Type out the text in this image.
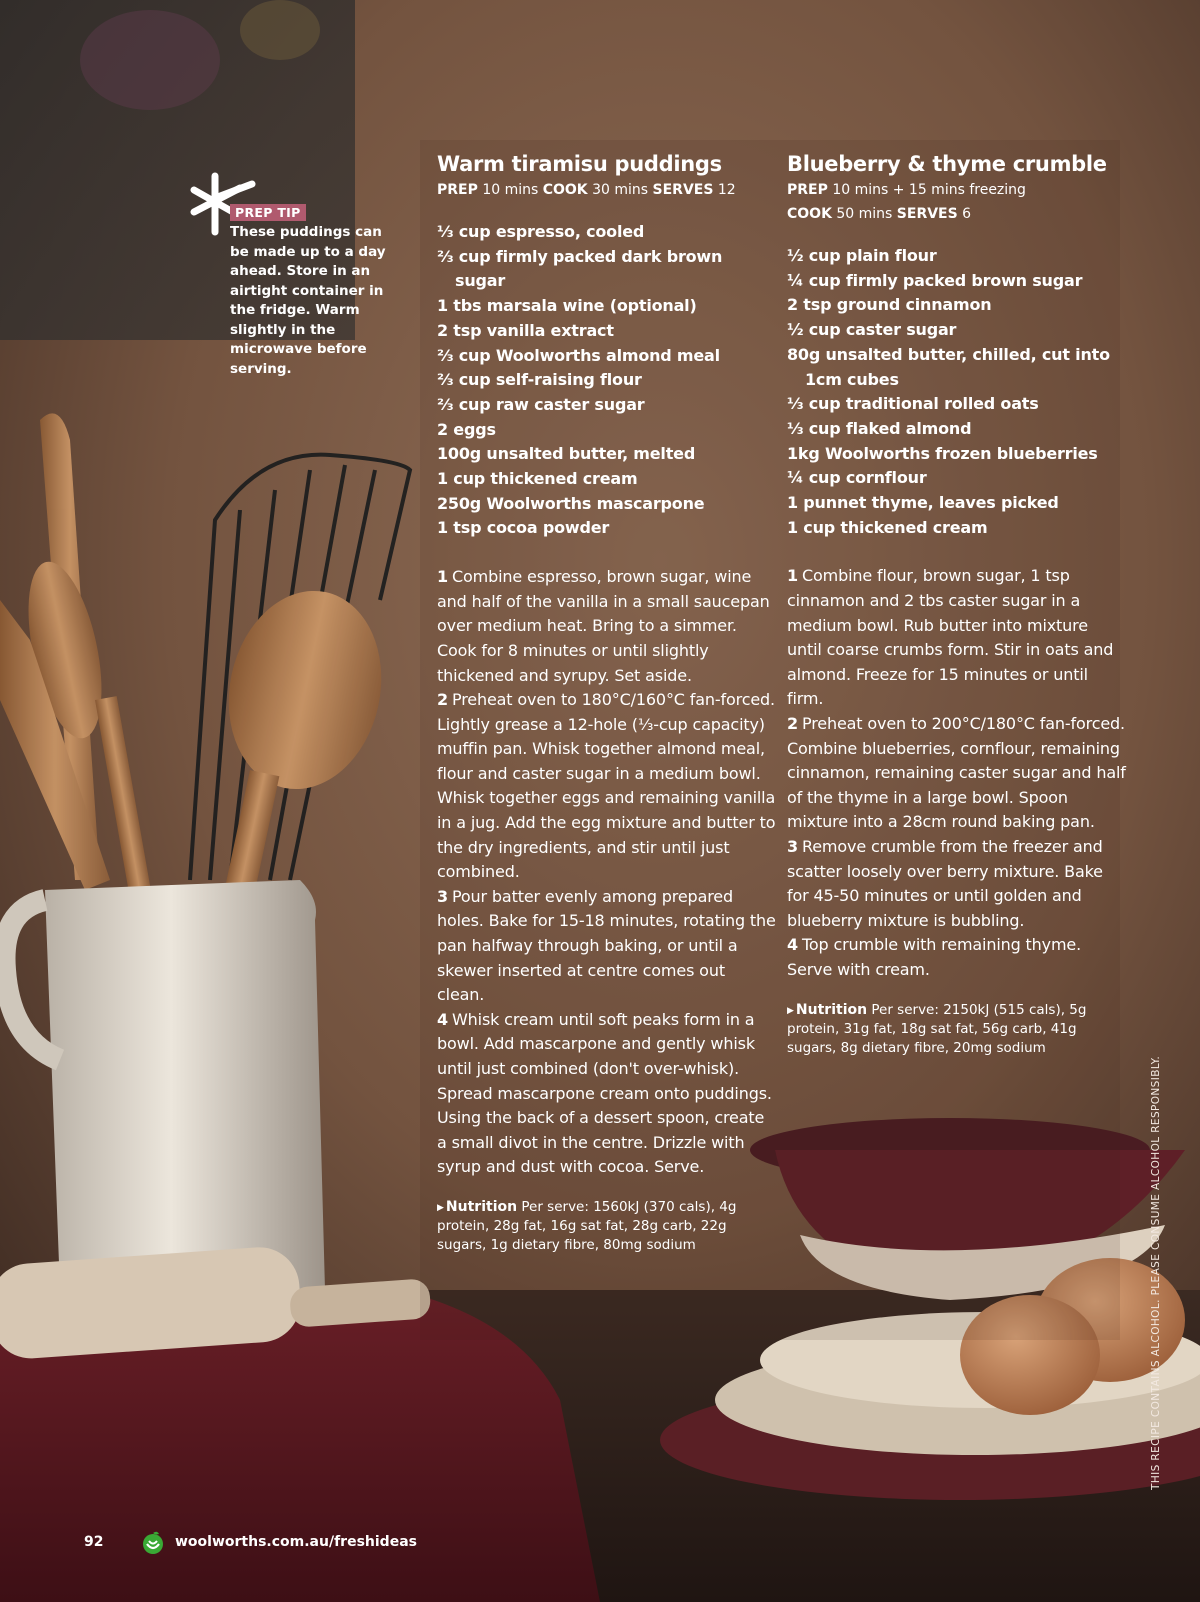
PREP TIP
These puddings can be made up to a day ahead. Store in an airtight container in the fridge. Warm slightly in the microwave before serving.
Warm tiramisu puddings

PREP 10 mins COOK 30 mins SERVES 12

⅓ cup espresso, cooled
⅔ cup firmly packed dark brown sugar
1 tbs marsala wine (optional)
2 tsp vanilla extract
⅔ cup Woolworths almond meal
⅔ cup self-raising flour
⅔ cup raw caster sugar
2 eggs
100g unsalted butter, melted
1 cup thickened cream
250g Woolworths mascarpone
1 tsp cocoa powder
1 Combine espresso, brown sugar, wine and half of the vanilla in a small saucepan over medium heat. Bring to a simmer. Cook for 8 minutes or until slightly thickened and syrupy. Set aside.
2 Preheat oven to 180°C/160°C fan-forced. Lightly grease a 12-hole (⅓-cup capacity) muffin pan. Whisk together almond meal, flour and caster sugar in a medium bowl. Whisk together eggs and remaining vanilla in a jug. Add the egg mixture and butter to the dry ingredients, and stir until just combined.
3 Pour batter evenly among prepared holes. Bake for 15-18 minutes, rotating the pan halfway through baking, or until a skewer inserted at centre comes out clean.
4 Whisk cream until soft peaks form in a bowl. Add mascarpone and gently whisk until just combined (don't over-whisk). Spread mascarpone cream onto puddings. Using the back of a dessert spoon, create a small divot in the centre. Drizzle with syrup and dust with cocoa. Serve.
▶ Nutrition Per serve: 1560kJ (370 cals), 4g protein, 28g fat, 16g sat fat, 28g carb, 22g sugars, 1g dietary fibre, 80mg sodium
Blueberry & thyme crumble

PREP 10 mins + 15 mins freezing

COOK 50 mins SERVES 6

½ cup plain flour
¼ cup firmly packed brown sugar
2 tsp ground cinnamon
½ cup caster sugar
80g unsalted butter, chilled, cut into 1cm cubes
⅓ cup traditional rolled oats
⅓ cup flaked almond
1kg Woolworths frozen blueberries
¼ cup cornflour
1 punnet thyme, leaves picked
1 cup thickened cream
1 Combine flour, brown sugar, 1 tsp cinnamon and 2 tbs caster sugar in a medium bowl. Rub butter into mixture until coarse crumbs form. Stir in oats and almond. Freeze for 15 minutes or until firm.
2 Preheat oven to 200°C/180°C fan-forced. Combine blueberries, cornflour, remaining cinnamon, remaining caster sugar and half of the thyme in a large bowl. Spoon mixture into a 28cm round baking pan.
3 Remove crumble from the freezer and scatter loosely over berry mixture. Bake for 45-50 minutes or until golden and blueberry mixture is bubbling.
4 Top crumble with remaining thyme. Serve with cream.
▶ Nutrition Per serve: 2150kJ (515 cals), 5g protein, 31g fat, 18g sat fat, 56g carb, 41g sugars, 8g dietary fibre, 20mg sodium
THIS RECIPE CONTAINS ALCOHOL. PLEASE CONSUME ALCOHOL RESPONSIBLY.
92	woolworths.com.au/freshideas
